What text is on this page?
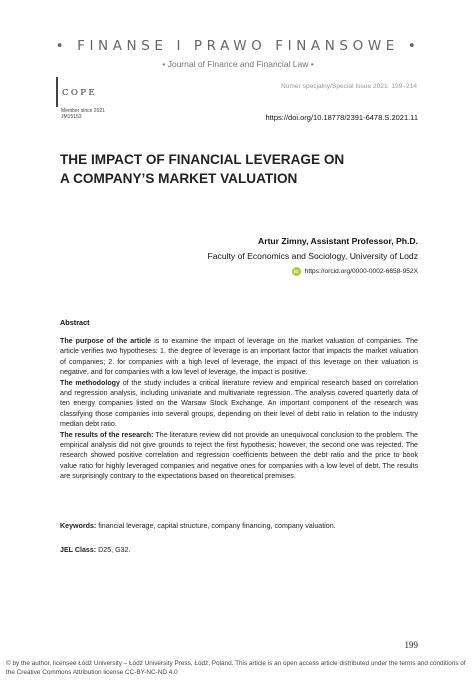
• FINANSE I PRAWO FINANSOWE •
• Journal of Finance and Financial Law •
COPE
Member since 2021
JM15153
Numer specjalny/Special Issue 2021: 199–214
https://doi.org/10.18778/2391-6478.S.2021.11
THE IMPACT OF FINANCIAL LEVERAGE ON
A COMPANY’S MARKET VALUATION
Artur Zimny, Assistant Professor, Ph.D.
Faculty of Economics and Sociology, University of Lodz
iD https://orcid.org/0000-0002-6658-952X
Abstract

The purpose of the article is to examine the impact of leverage on the market valuation of companies. The article verifies two hypotheses: 1. the degree of leverage is an important factor that impacts the market valuation of companies; 2. for companies with a high level of leverage, the impact of this leverage on their valuation is negative, and for companies with a low level of leverage, the impact is positive.

The methodology of the study includes a critical literature review and empirical research based on correlation and regression analysis, including univariate and multivariate regression. The analysis covered quarterly data of ten energy companies listed on the Warsaw Stock Exchange. An important component of the research was classifying those companies into several groups, depending on their level of debt ratio in relation to the industry median debt ratio.

The results of the research: The literature review did not provide an unequivocal conclusion to the problem. The empirical analysis did not give grounds to reject the first hypothesis; however, the second one was rejected. The research showed positive correlation and regression coefficients between the debt ratio and the price to book value ratio for highly leveraged companies and negative ones for companies with a low level of debt. The results are surprisingly contrary to the expectations based on theoretical premises.

Keywords: financial leverage, capital structure, company financing, company valuation.
JEL Class: D25, G32.
199
© by the author, licensee Łódź University – Łódź University Press, Łódź, Poland. This article is an open access article distributed under the terms and conditions of the Creative Commons Attribution license CC-BY-NC-ND 4.0
